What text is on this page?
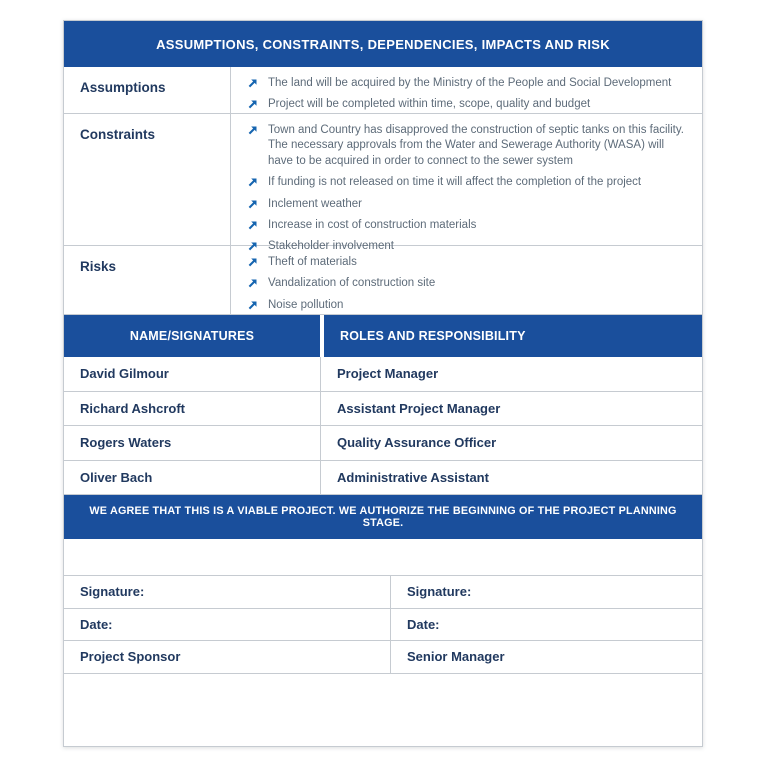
ASSUMPTIONS, CONSTRAINTS, DEPENDENCIES, IMPACTS AND RISK
Assumptions	The land will be acquired by the Ministry of the People and Social Development
Project will be completed within time, scope, quality and budget
Constraints	Town and Country has disapproved the construction of septic tanks on this facility. The necessary approvals from the Water and Sewerage Authority (WASA) will have to be acquired in order to connect to the sewer system
If funding is not released on time it will affect the completion of the project
Inclement weather
Increase in cost of construction materials
Stakeholder involvement
Risks	Theft of materials
Vandalization of construction site
Noise pollution
NAME/SIGNATURES	ROLES AND RESPONSIBILITY
David Gilmour	Project Manager
Richard Ashcroft	Assistant Project Manager
Rogers Waters	Quality Assurance Officer
Oliver Bach	Administrative Assistant
WE AGREE THAT THIS IS A VIABLE PROJECT. WE AUTHORIZE THE BEGINNING OF THE PROJECT PLANNING STAGE.
Signature:	Signature:
Date:	Date:
Project Sponsor	Senior Manager
